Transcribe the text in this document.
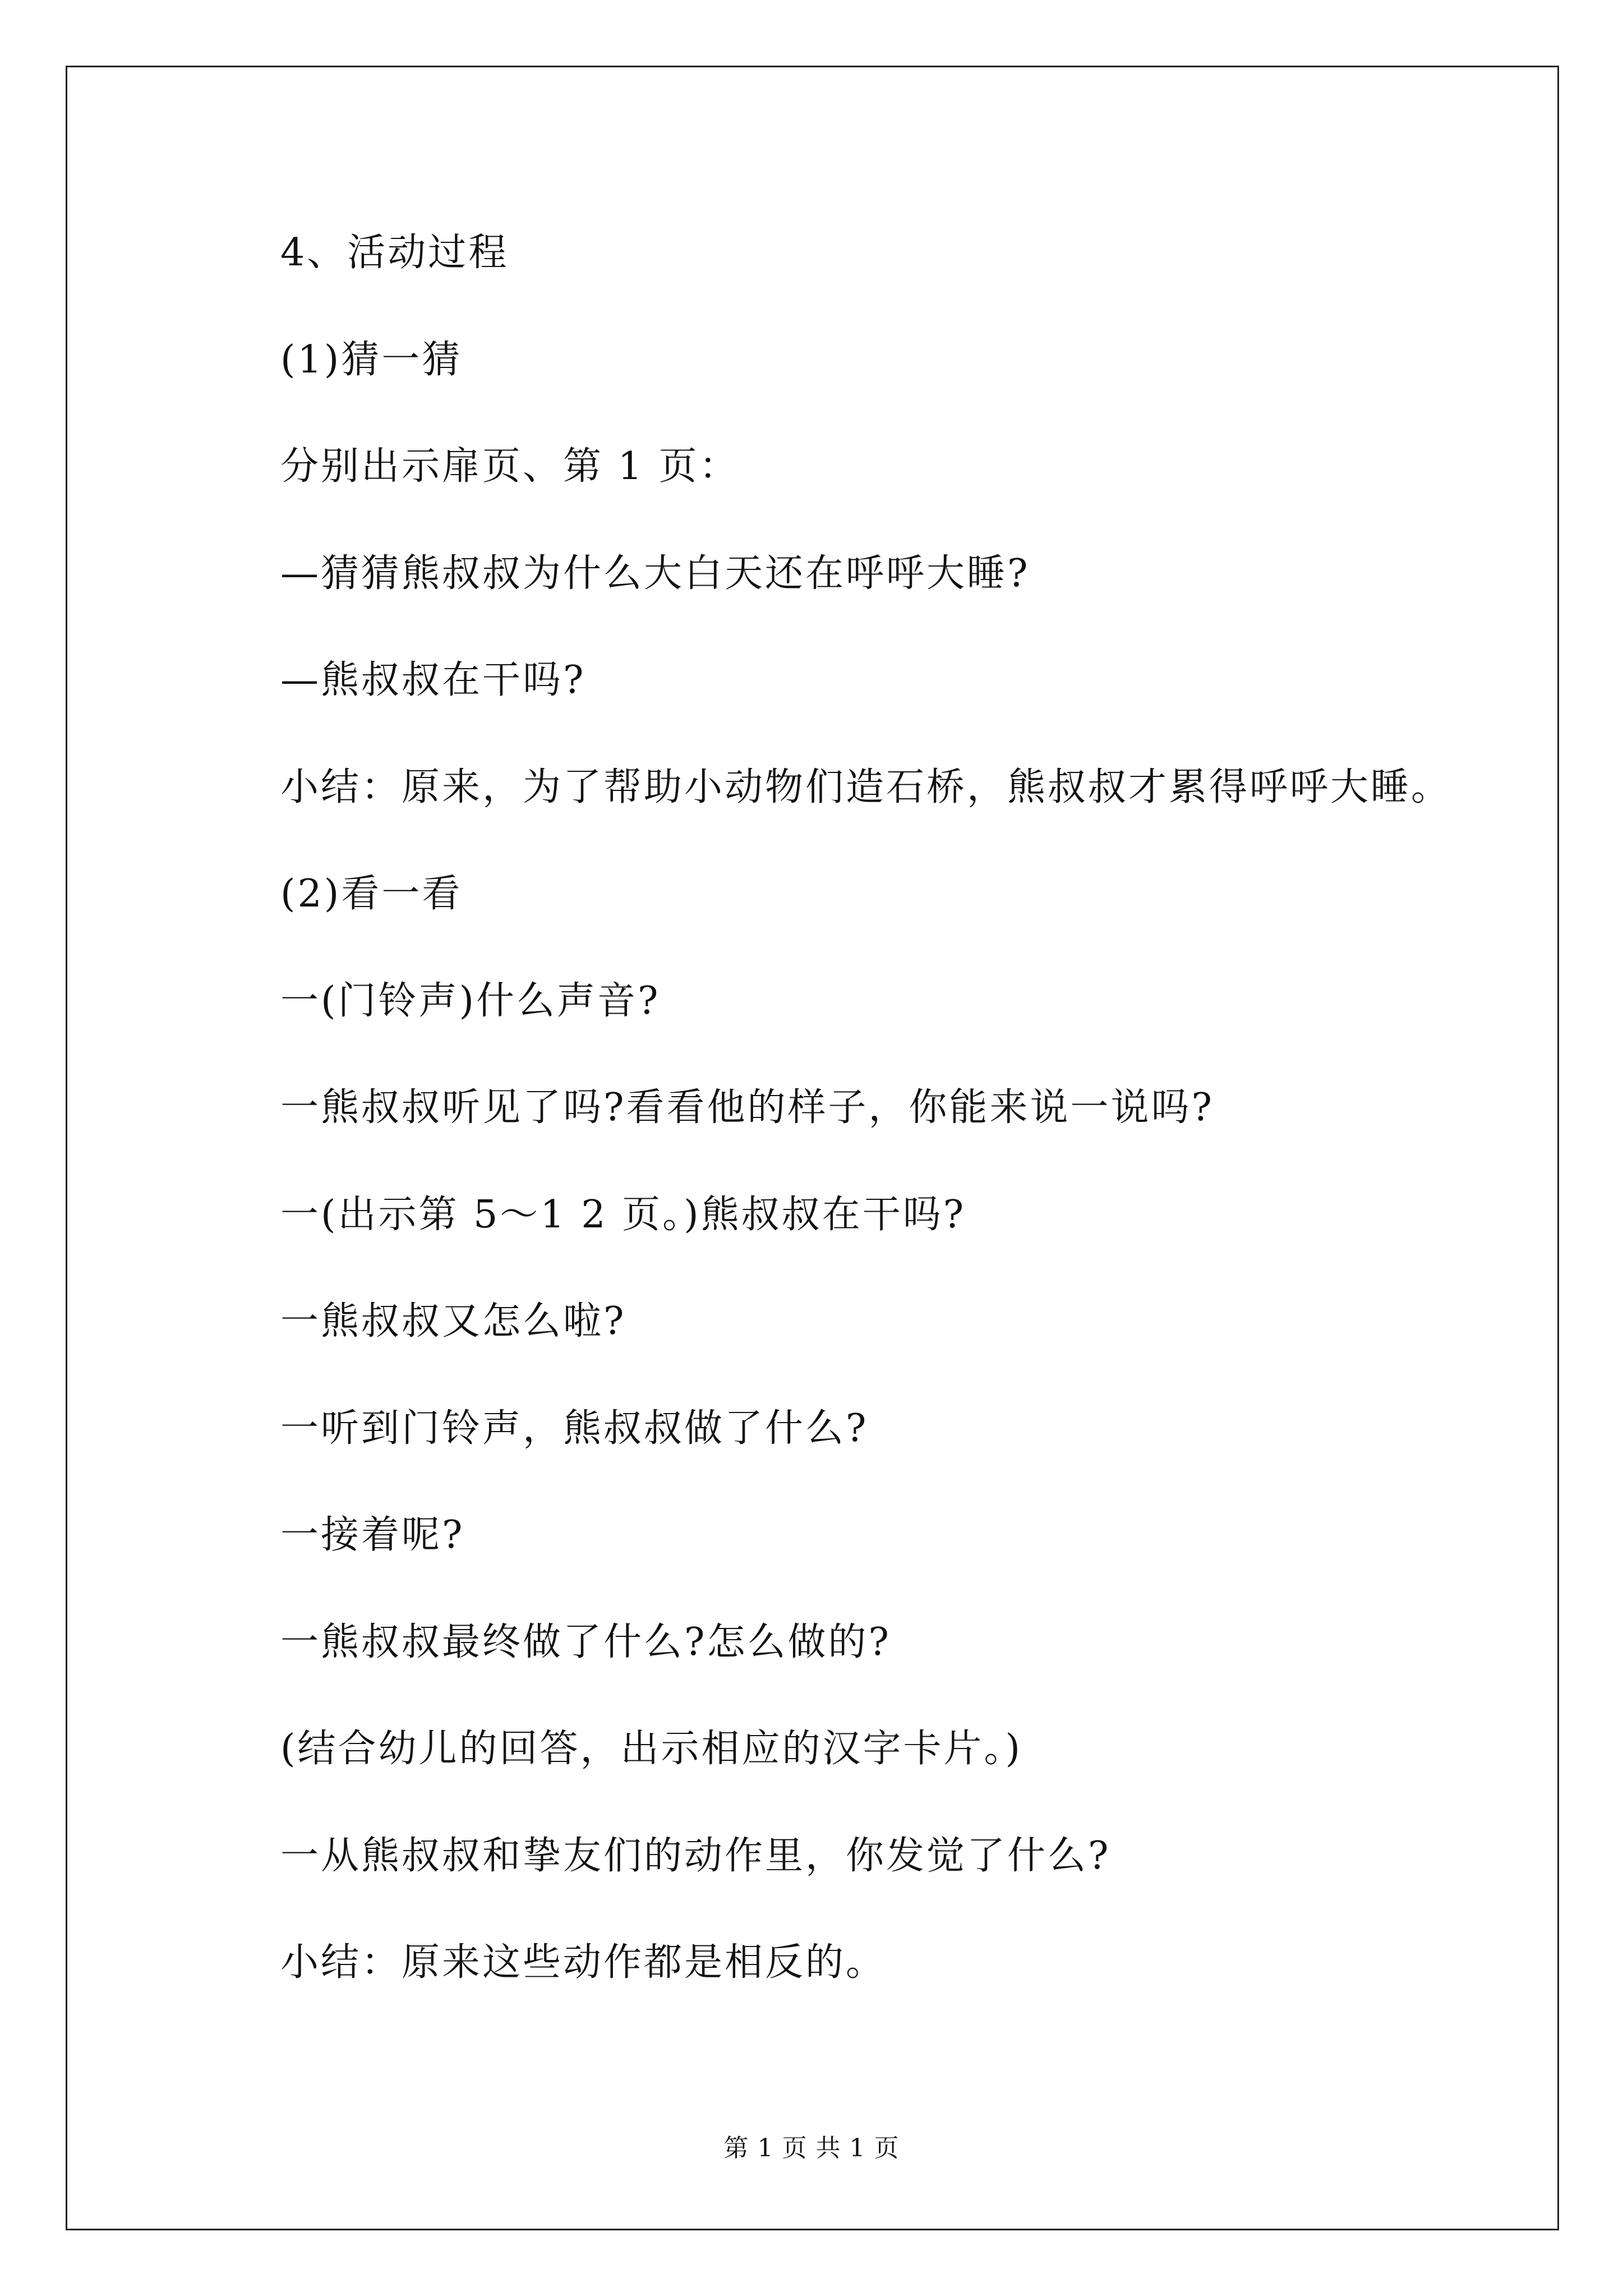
4、活动过程
(1)猜一猜
分别出示扉页、第 1 页：
—猜猜熊叔叔为什么大白天还在呼呼大睡?
—熊叔叔在干吗?
小结：原来，为了帮助小动物们造石桥，熊叔叔才累得呼呼大睡。
(2)看一看
一(门铃声)什么声音?
一熊叔叔听见了吗?看看他的样子，你能来说一说吗?
一(出示第 5～1 2 页。)熊叔叔在干吗?
一熊叔叔又怎么啦?
一听到门铃声，熊叔叔做了什么?
一接着呢?
一熊叔叔最终做了什么?怎么做的?
(结合幼儿的回答，出示相应的汉字卡片。)
一从熊叔叔和挚友们的动作里，你发觉了什么?
小结：原来这些动作都是相反的。
第 1 页 共 1 页
